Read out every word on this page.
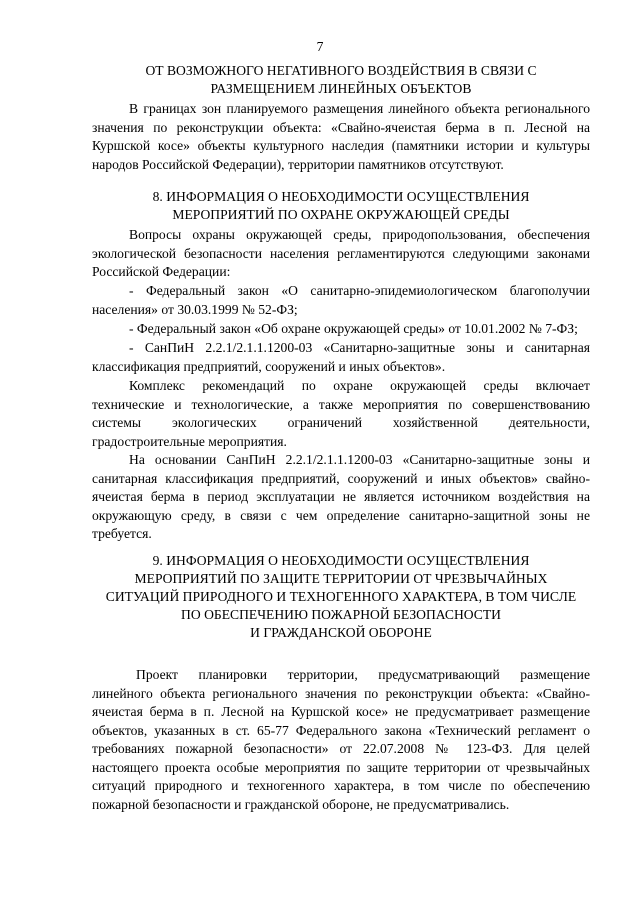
7
ОТ ВОЗМОЖНОГО НЕГАТИВНОГО ВОЗДЕЙСТВИЯ В СВЯЗИ С
РАЗМЕЩЕНИЕМ ЛИНЕЙНЫХ ОБЪЕКТОВ
В границах зон планируемого размещения линейного объекта регионального
значения по реконструкции объекта: «Свайно-ячеистая берма в п. Лесной на
Куршской косе» объекты культурного наследия (памятники истории и культуры
народов Российской Федерации), территории памятников отсутствуют.
8. ИНФОРМАЦИЯ О НЕОБХОДИМОСТИ ОСУЩЕСТВЛЕНИЯ
МЕРОПРИЯТИЙ ПО ОХРАНЕ ОКРУЖАЮЩЕЙ СРЕДЫ
Вопросы охраны окружающей среды, природопользования, обеспечения
экологической безопасности населения регламентируются следующими законами
Российской Федерации:
- Федеральный закон «О санитарно-эпидемиологическом благополучии
населения» от 30.03.1999 № 52-ФЗ;
- Федеральный закон «Об охране окружающей среды» от 10.01.2002 № 7-ФЗ;
- СанПиН 2.2.1/2.1.1.1200-03 «Санитарно-защитные зоны и санитарная
классификация предприятий, сооружений и иных объектов».
Комплекс рекомендаций по охране окружающей среды включает
технические и технологические, а также мероприятия по совершенствованию
системы экологических ограничений хозяйственной деятельности,
градостроительные мероприятия.
На основании СанПиН 2.2.1/2.1.1.1200-03 «Санитарно-защитные зоны и
санитарная классификация предприятий, сооружений и иных объектов» свайно-
ячеистая берма в период эксплуатации не является источником воздействия на
окружающую среду, в связи с чем определение санитарно-защитной зоны не
требуется.
9. ИНФОРМАЦИЯ О НЕОБХОДИМОСТИ ОСУЩЕСТВЛЕНИЯ
МЕРОПРИЯТИЙ ПО ЗАЩИТЕ ТЕРРИТОРИИ ОТ ЧРЕЗВЫЧАЙНЫХ
СИТУАЦИЙ ПРИРОДНОГО И ТЕХНОГЕННОГО ХАРАКТЕРА, В ТОМ ЧИСЛЕ
ПО ОБЕСПЕЧЕНИЮ ПОЖАРНОЙ БЕЗОПАСНОСТИ
И ГРАЖДАНСКОЙ ОБОРОНЕ
Проект планировки территории, предусматривающий размещение
линейного объекта регионального значения по реконструкции объекта: «Свайно-
ячеистая берма в п. Лесной на Куршской косе» не предусматривает размещение
объектов, указанных в ст. 65-77 Федерального закона «Технический регламент о
требованиях пожарной безопасности» от 22.07.2008 № 123-ФЗ. Для целей
настоящего проекта особые мероприятия по защите территории от чрезвычайных
ситуаций природного и техногенного характера, в том числе по обеспечению
пожарной безопасности и гражданской обороне, не предусматривались.
